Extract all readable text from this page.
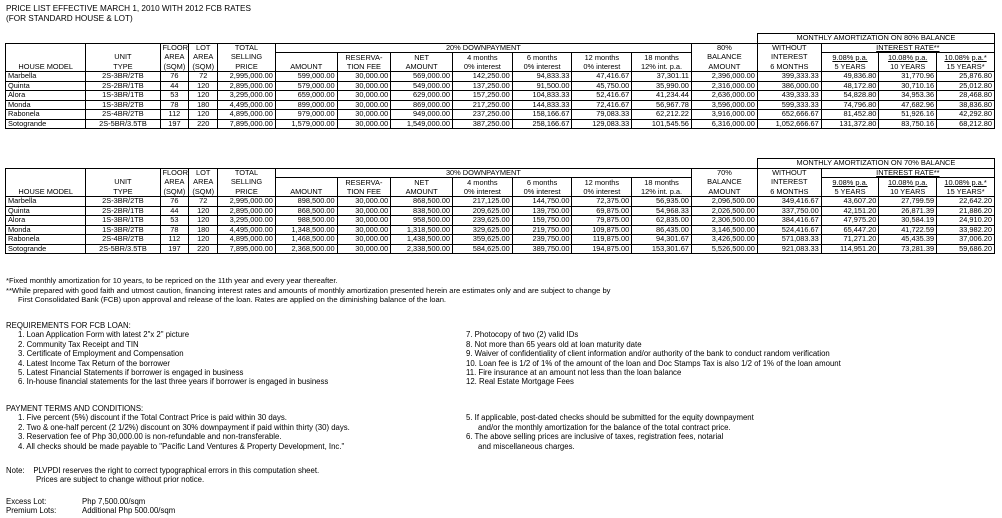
PRICE LIST EFFECTIVE MARCH 1, 2010 WITH 2012 FCB RATES
(FOR STANDARD HOUSE & LOT)
													MONTHLY AMORTIZATION ON 80% BALANCE			
		FLOOR	LOT	TOTAL	20% DOWNPAYMENT							80%	WITHOUT	INTEREST RATE**		
	UNIT	AREA	AREA	SELLING		RESERVA-	NET	4 months	6 months	12 months	18 months	BALANCE	INTEREST	9.08% p.a.	10.08% p.a.	10.08% p.a.*
HOUSE MODEL	TYPE	(SQM)	(SQM)	PRICE	AMOUNT	TION FEE	AMOUNT	0% interest	0% interest	0% interest	12% int. p.a.	AMOUNT	6 MONTHS	5 YEARS	10 YEARS	15 YEARS*
Marbella	2S-3BR/2TB	76	72	2,995,000.00	599,000.00	30,000.00	569,000.00	142,250.00	94,833.33	47,416.67	37,301.11	2,396,000.00	399,333.33	49,836.80	31,770.96	25,876.80
Quinta	2S-2BR/1TB	44	120	2,895,000.00	579,000.00	30,000.00	549,000.00	137,250.00	91,500.00	45,750.00	35,990.00	2,316,000.00	386,000.00	48,172.80	30,710.16	25,012.80
Alora	1S-3BR/1TB	53	120	3,295,000.00	659,000.00	30,000.00	629,000.00	157,250.00	104,833.33	52,416.67	41,234.44	2,636,000.00	439,333.33	54,828.80	34,953.36	28,468.80
Monda	1S-3BR/2TB	78	180	4,495,000.00	899,000.00	30,000.00	869,000.00	217,250.00	144,833.33	72,416.67	56,967.78	3,596,000.00	599,333.33	74,796.80	47,682.96	38,836.80
Rabonela	2S-4BR/2TB	112	120	4,895,000.00	979,000.00	30,000.00	949,000.00	237,250.00	158,166.67	79,083.33	62,212.22	3,916,000.00	652,666.67	81,452.80	51,926.16	42,292.80
Sotogrande	2S-5BR/3.5TB	197	220	7,895,000.00	1,579,000.00	30,000.00	1,549,000.00	387,250.00	258,166.67	129,083.33	101,545.56	6,316,000.00	1,052,666.67	131,372.80	83,750.16	68,212.80
													MONTHLY AMORTIZATION ON 70% BALANCE			
		FLOOR	LOT	TOTAL	30% DOWNPAYMENT							70%	WITHOUT	INTEREST RATE**		
	UNIT	AREA	AREA	SELLING		RESERVA-	NET	4 months	6 months	12 months	18 months	BALANCE	INTEREST	9.08% p.a.	10.08% p.a.	10.08% p.a.*
HOUSE MODEL	TYPE	(SQM)	(SQM)	PRICE	AMOUNT	TION FEE	AMOUNT	0% interest	0% interest	0% interest	12% int. p.a.	AMOUNT	6 MONTHS	5 YEARS	10 YEARS	15 YEARS*
Marbella	2S-3BR/2TB	76	72	2,995,000.00	898,500.00	30,000.00	868,500.00	217,125.00	144,750.00	72,375.00	56,935.00	2,096,500.00	349,416.67	43,607.20	27,799.59	22,642.20
Quinta	2S-2BR/1TB	44	120	2,895,000.00	868,500.00	30,000.00	838,500.00	209,625.00	139,750.00	69,875.00	54,968.33	2,026,500.00	337,750.00	42,151.20	26,871.39	21,886.20
Alora	1S-3BR/1TB	53	120	3,295,000.00	988,500.00	30,000.00	958,500.00	239,625.00	159,750.00	79,875.00	62,835.00	2,306,500.00	384,416.67	47,975.20	30,584.19	24,910.20
Monda	1S-3BR/2TB	78	180	4,495,000.00	1,348,500.00	30,000.00	1,318,500.00	329,625.00	219,750.00	109,875.00	86,435.00	3,146,500.00	524,416.67	65,447.20	41,722.59	33,982.20
Rabonela	2S-4BR/2TB	112	120	4,895,000.00	1,468,500.00	30,000.00	1,438,500.00	359,625.00	239,750.00	119,875.00	94,301.67	3,426,500.00	571,083.33	71,271.20	45,435.39	37,006.20
Sotogrande	2S-5BR/3.5TB	197	220	7,895,000.00	2,368,500.00	30,000.00	2,338,500.00	584,625.00	389,750.00	194,875.00	153,301.67	5,526,500.00	921,083.33	114,951.20	73,281.39	59,686.20

*Fixed monthly amortization for 10 years, to be repriced on the 11th year and every year thereafter.

**While prepared with good faith and utmost caution, financing interest rates and amounts of monthly amortization presented herein are estimates only and are subject to change by

First Consolidated Bank (FCB) upon approval and release of the loan. Rates are applied on the diminishing balance of the loan.

REQUIREMENTS FOR FCB LOAN:
1. Loan Application Form with latest 2"x 2" picture
2. Community Tax Receipt and TIN
3. Certificate of Employment and Compensation
4. Latest Income Tax Return of the borrower
5. Latest Financial Statements if borrower is engaged in business
6. In-house financial statements for the last three years if borrower is engaged in business
7. Photocopy of two (2) valid IDs
8. Not more than 65 years old at loan maturity date
9. Waiver of confidentiality of client information and/or authority of the bank to conduct random verification
10. Loan fee is 1/2 of 1% of the amount of the loan and Doc Stamps Tax is also 1/2 of 1% of the loan amount
11. Fire insurance at an amount not less than the loan balance
12. Real Estate Mortgage Fees
PAYMENT TERMS AND CONDITIONS:
1. Five percent (5%) discount if the Total Contract Price is paid within 30 days.
2. Two & one-half percent (2 1/2%) discount on 30% downpayment if paid within thirty (30) days.
3. Reservation fee of Php 30,000.00 is non-refundable and non-transferable.
4. All checks should be made payable to "Pacific Land Ventures & Property Development, Inc."
5. If applicable, post-dated checks should be submitted for the equity downpayment
and/or the monthly amortization for the balance of the total contract price.
6. The above selling prices are inclusive of taxes, registration fees, notarial
and miscellaneous charges.
Note: PLVPDI reserves the right to correct typographical errors in this computation sheet.
Prices are subject to change without prior notice.
Excess Lot:	Php 7,500.00/sqm
Premium Lots:	Additional Php 500.00/sqm
